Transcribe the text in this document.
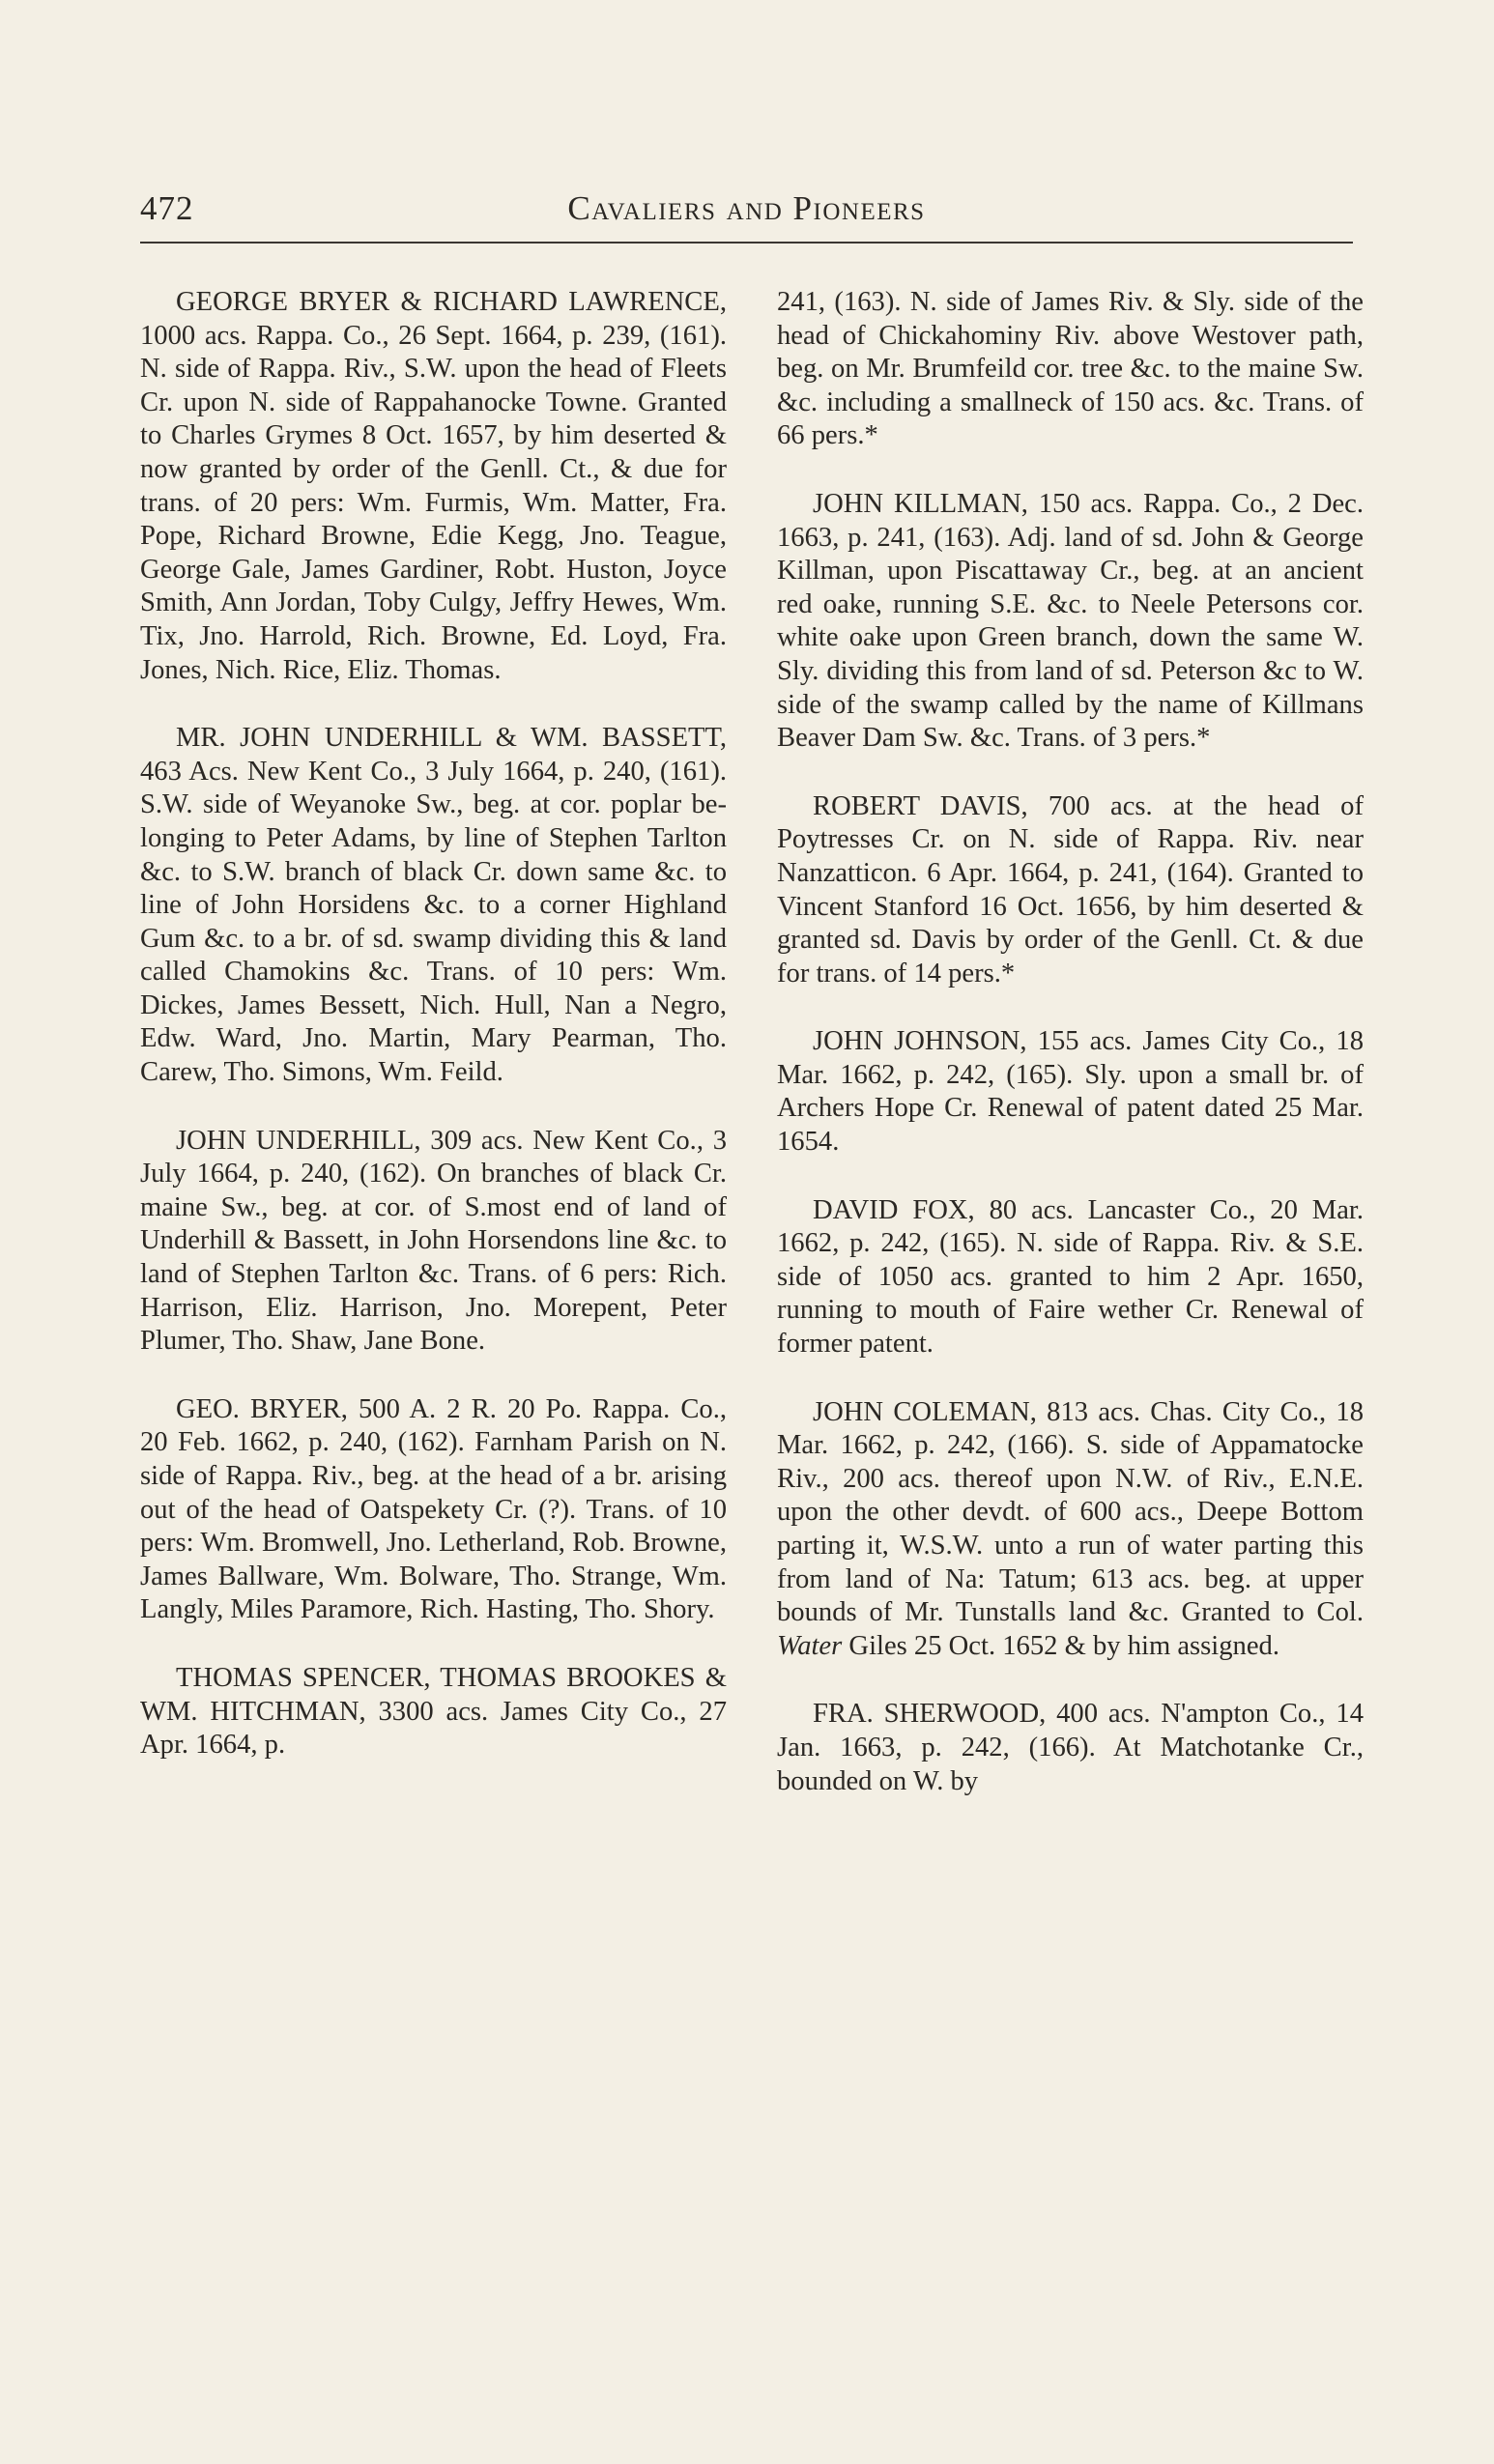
472	Cavaliers and Pioneers

GEORGE BRYER & RICHARD LAWRENCE, 1000 acs. Rappa. Co., 26 Sept. 1664, p. 239, (161). N. side of Rappa. Riv., S.W. upon the head of Fleets Cr. upon N. side of Rappahanocke Towne. Granted to Charles Grymes 8 Oct. 1657, by him deserted & now granted by order of the Genll. Ct., & due for trans. of 20 pers: Wm. Furmis, Wm. Matter, Fra. Pope, Richard Browne, Edie Kegg, Jno. Teague, George Gale, James Gardiner, Robt. Huston, Joyce Smith, Ann Jordan, Toby Culgy, Jeffry Hewes, Wm. Tix, Jno. Harrold, Rich. Browne, Ed. Loyd, Fra. Jones, Nich. Rice, Eliz. Thomas.

MR. JOHN UNDERHILL & WM. BASSETT, 463 Acs. New Kent Co., 3 July 1664, p. 240, (161). S.W. side of Weyanoke Sw., beg. at cor. poplar belonging to Peter Adams, by line of Stephen Tarlton &c. to S.W. branch of black Cr. down same &c. to line of John Horsidens &c. to a corner Highland Gum &c. to a br. of sd. swamp dividing this & land called Chamokins &c. Trans. of 10 pers: Wm. Dickes, James Bessett, Nich. Hull, Nan a Negro, Edw. Ward, Jno. Martin, Mary Pearman, Tho. Carew, Tho. Simons, Wm. Feild.

JOHN UNDERHILL, 309 acs. New Kent Co., 3 July 1664, p. 240, (162). On branches of black Cr. maine Sw., beg. at cor. of S.most end of land of Underhill & Bassett, in John Horsendons line &c. to land of Stephen Tarlton &c. Trans. of 6 pers: Rich. Harrison, Eliz. Harrison, Jno. Morepent, Peter Plumer, Tho. Shaw, Jane Bone.

GEO. BRYER, 500 A. 2 R. 20 Po. Rappa. Co., 20 Feb. 1662, p. 240, (162). Farnham Parish on N. side of Rappa. Riv., beg. at the head of a br. arising out of the head of Oatspekety Cr. (?). Trans. of 10 pers: Wm. Bromwell, Jno. Letherland, Rob. Browne, James Ballware, Wm. Bolware, Tho. Strange, Wm. Langly, Miles Paramore, Rich. Hasting, Tho. Shory.

THOMAS SPENCER, THOMAS BROOKES & WM. HITCHMAN, 3300 acs. James City Co., 27 Apr. 1664, p.

241, (163). N. side of James Riv. & Sly. side of the head of Chickahominy Riv. above Westover path, beg. on Mr. Brumfeild cor. tree &c. to the maine Sw. &c. including a smallneck of 150 acs. &c. Trans. of 66 pers.*

JOHN KILLMAN, 150 acs. Rappa. Co., 2 Dec. 1663, p. 241, (163). Adj. land of sd. John & George Killman, upon Piscattaway Cr., beg. at an ancient red oake, running S.E. &c. to Neele Petersons cor. white oake upon Green branch, down the same W. Sly. dividing this from land of sd. Peterson &c to W. side of the swamp called by the name of Killmans Beaver Dam Sw. &c. Trans. of 3 pers.*

ROBERT DAVIS, 700 acs. at the head of Poytresses Cr. on N. side of Rappa. Riv. near Nanzatticon. 6 Apr. 1664, p. 241, (164). Granted to Vincent Stanford 16 Oct. 1656, by him deserted & granted sd. Davis by order of the Genll. Ct. & due for trans. of 14 pers.*

JOHN JOHNSON, 155 acs. James City Co., 18 Mar. 1662, p. 242, (165). Sly. upon a small br. of Archers Hope Cr. Renewal of patent dated 25 Mar. 1654.

DAVID FOX, 80 acs. Lancaster Co., 20 Mar. 1662, p. 242, (165). N. side of Rappa. Riv. & S.E. side of 1050 acs. granted to him 2 Apr. 1650, running to mouth of Faire wether Cr. Renewal of former patent.

JOHN COLEMAN, 813 acs. Chas. City Co., 18 Mar. 1662, p. 242, (166). S. side of Appamatocke Riv., 200 acs. thereof upon N.W. of Riv., E.N.E. upon the other devdt. of 600 acs., Deepe Bottom parting it, W.S.W. unto a run of water parting this from land of Na: Tatum; 613 acs. beg. at upper bounds of Mr. Tunstalls land &c. Granted to Col. Water Giles 25 Oct. 1652 & by him assigned.

FRA. SHERWOOD, 400 acs. N'ampton Co., 14 Jan. 1663, p. 242, (166). At Matchotanke Cr., bounded on W. by
